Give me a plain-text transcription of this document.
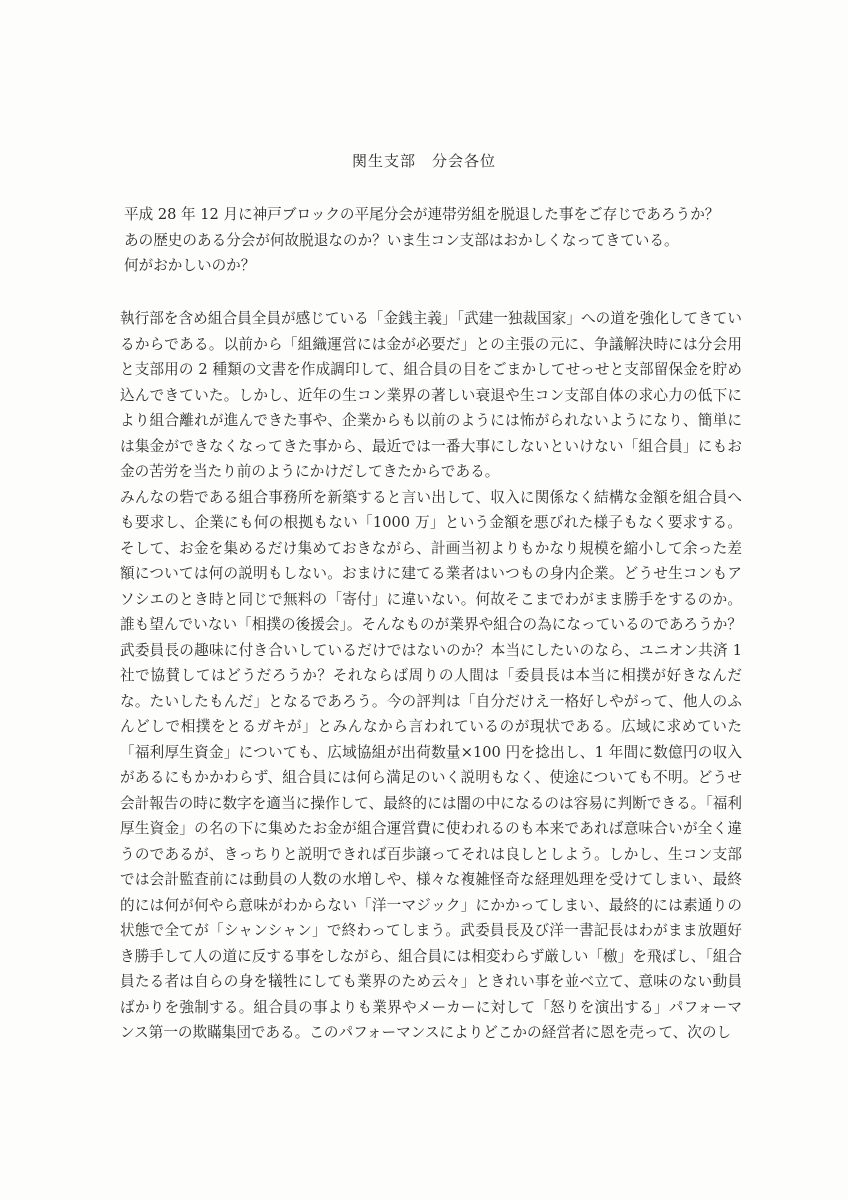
関生支部　分会各位

平成 28 年 12 月に神戸ブロックの平尾分会が連帯労組を脱退した事をご存じであろうか？

あの歴史のある分会が何故脱退なのか？いま生コン支部はおかしくなってきている。

何がおかしいのか？

執行部を含め組合員全員が感じている「金銭主義」「武建一独裁国家」への道を強化してきているからである。以前から「組織運営には金が必要だ」との主張の元に、争議解決時には分会用と支部用の 2 種類の文書を作成調印して、組合員の目をごまかしてせっせと支部留保金を貯め込んできていた。しかし、近年の生コン業界の著しい衰退や生コン支部自体の求心力の低下により組合離れが進んできた事や、企業からも以前のようには怖がられないようになり、簡単には集金ができなくなってきた事から、最近では一番大事にしないといけない「組合員」にもお金の苦労を当たり前のようにかけだしてきたからである。

みんなの砦である組合事務所を新築すると言い出して、収入に関係なく結構な金額を組合員へも要求し、企業にも何の根拠もない「1000 万」という金額を悪びれた様子もなく要求する。そして、お金を集めるだけ集めておきながら、計画当初よりもかなり規模を縮小して余った差額については何の説明もしない。おまけに建てる業者はいつもの身内企業。どうせ生コンもアソシエのとき時と同じで無料の「寄付」に違いない。何故そこまでわがまま勝手をするのか。誰も望んでいない「相撲の後援会」。そんなものが業界や組合の為になっているのであろうか？武委員長の趣味に付き合いしているだけではないのか？本当にしたいのなら、ユニオン共済 1 社で協賛してはどうだろうか？それならば周りの人間は「委員長は本当に相撲が好きなんだな。たいしたもんだ」となるであろう。今の評判は「自分だけえ一格好しやがって、他人のふんどしで相撲をとるガキが」とみんなから言われているのが現状である。広域に求めていた「福利厚生資金」についても、広域協組が出荷数量×100 円を捻出し、1 年間に数億円の収入があるにもかかわらず、組合員には何ら満足のいく説明もなく、使途についても不明。どうせ会計報告の時に数字を適当に操作して、最終的には闇の中になるのは容易に判断できる。「福利厚生資金」の名の下に集めたお金が組合運営費に使われるのも本来であれば意味合いが全く違うのであるが、きっちりと説明できれば百歩譲ってそれは良しとしよう。しかし、生コン支部では会計監査前には動員の人数の水増しや、様々な複雑怪奇な経理処理を受けてしまい、最終的には何が何やら意味がわからない「洋一マジック」にかかってしまい、最終的には素通りの状態で全てが「シャンシャン」で終わってしまう。武委員長及び洋一書記長はわがまま放題好き勝手して人の道に反する事をしながら、組合員には相変わらず厳しい「檄」を飛ばし、「組合員たる者は自らの身を犠牲にしても業界のため云々」ときれい事を並べ立て、意味のない動員ばかりを強制する。組合員の事よりも業界やメーカーに対して「怒りを演出する」パフォーマンス第一の欺瞞集団である。このパフォーマンスによりどこかの経営者に恩を売って、次のし
